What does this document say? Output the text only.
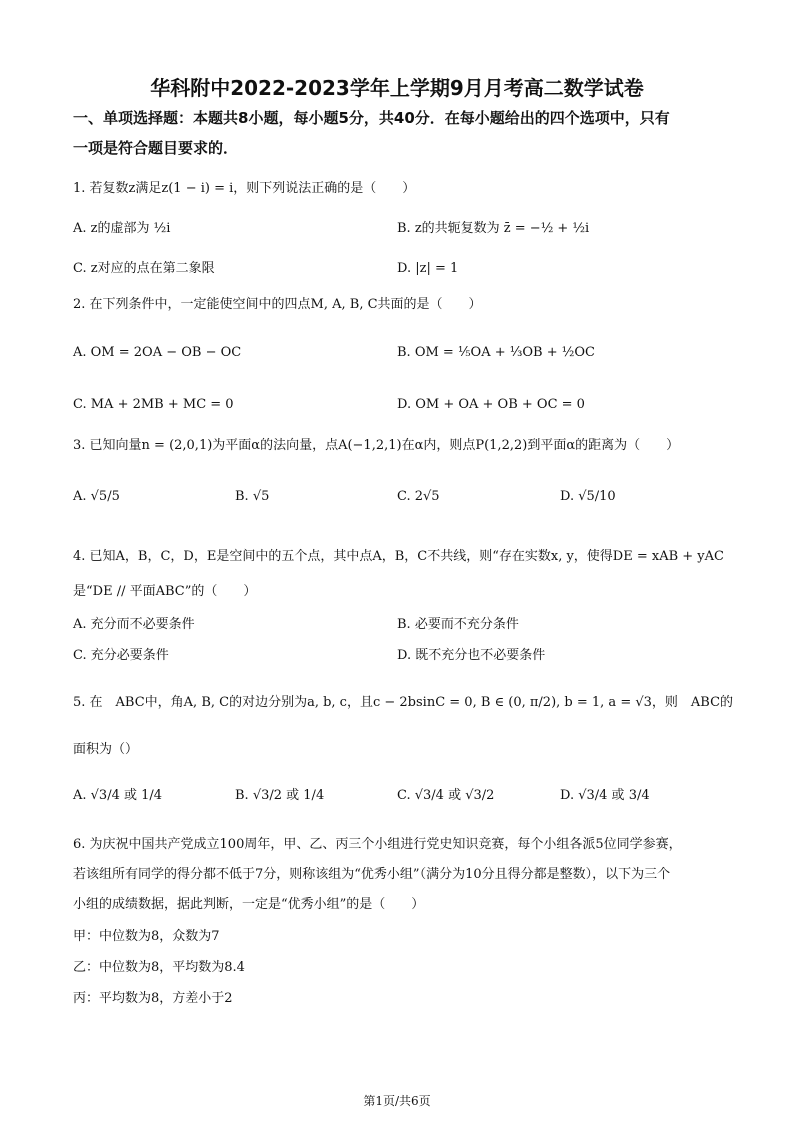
华科附中2022-2023学年上学期9月月考高二数学试卷
一、单项选择题：本题共8小题，每小题5分，共40分．在每小题给出的四个选项中，只有
一项是符合题目要求的．
1. 若复数z满足z(1 − i) = i，则下列说法正确的是（　　）
A. z的虚部为 ½i	B. z的共轭复数为 z̄ = −½ + ½i
C. z对应的点在第二象限	D. |z| = 1
2. 在下列条件中，一定能使空间中的四点M, A, B, C共面的是（　　）
A. OM = 2OA − OB − OC	B. OM = ⅕OA + ⅓OB + ½OC
C. MA + 2MB + MC = 0	D. OM + OA + OB + OC = 0
3. 已知向量n = (2,0,1)为平面α的法向量，点A(−1,2,1)在α内，则点P(1,2,2)到平面α的距离为（　　）
A. √5/5	B. √5	C. 2√5	D. √5/10
4. 已知A，B，C，D，E是空间中的五个点，其中点A，B，C不共线，则“存在实数x, y，使得DE = xAB + yAC
是“DE // 平面ABC”的（　　）
A. 充分而不必要条件	B. 必要而不充分条件
C. 充分必要条件	D. 既不充分也不必要条件
5. 在　ABC中，角A, B, C的对边分别为a, b, c，且c − 2bsinC = 0, B ∈ (0, π/2), b = 1, a = √3，则　ABC的
面积为（）
A. √3/4 或 1/4	B. √3/2 或 1/4	C. √3/4 或 √3/2	D. √3/4 或 3/4
6. 为庆祝中国共产党成立100周年，甲、乙、丙三个小组进行党史知识竞赛，每个小组各派5位同学参赛，
若该组所有同学的得分都不低于7分，则称该组为“优秀小组”（满分为10分且得分都是整数），以下为三个
小组的成绩数据，据此判断，一定是“优秀小组”的是（　　）
甲：中位数为8，众数为7
乙：中位数为8，平均数为8.4
丙：平均数为8，方差小于2
第1页/共6页
